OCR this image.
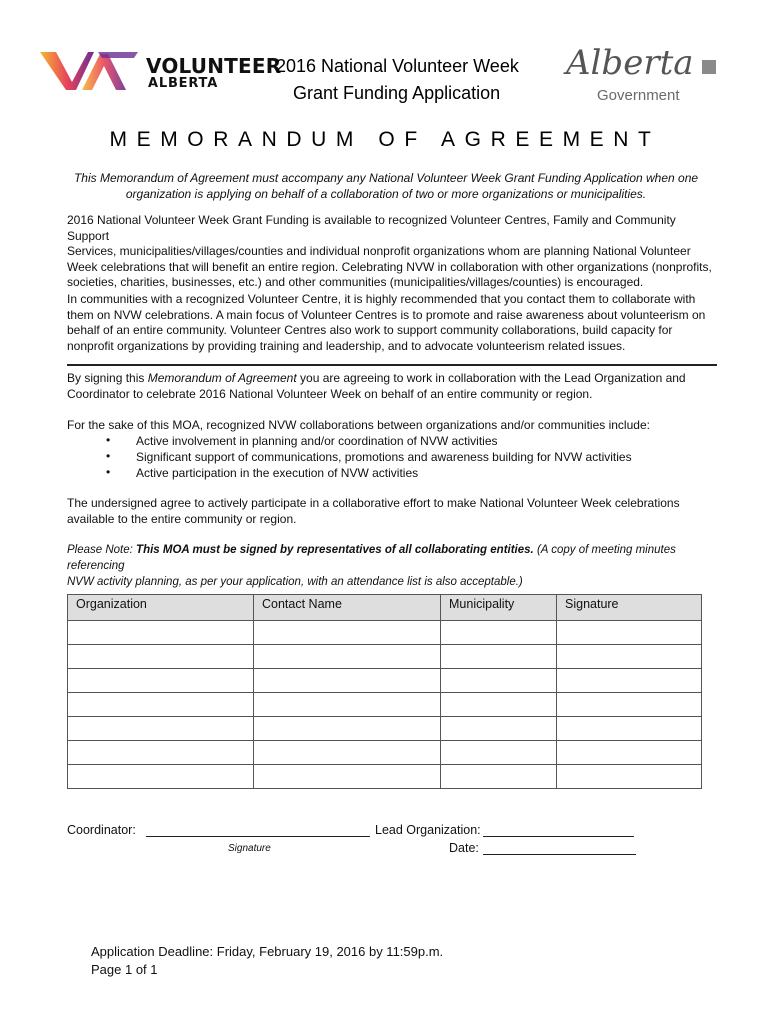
VOLUNTEER
ALBERTA
2016 National Volunteer Week
Grant Funding Application
Alberta
Government
MEMORANDUM OF AGREEMENT
This Memorandum of Agreement must accompany any National Volunteer Week Grant Funding Application when one
organization is applying on behalf of a collaboration of two or more organizations or municipalities.
2016 National Volunteer Week Grant Funding is available to recognized Volunteer Centres, Family and Community Support
Services, municipalities/villages/counties and individual nonprofit organizations whom are planning National Volunteer
Week celebrations that will benefit an entire region. Celebrating NVW in collaboration with other organizations (nonprofits,
societies, charities, businesses, etc.) and other communities (municipalities/villages/counties) is encouraged.
In communities with a recognized Volunteer Centre, it is highly recommended that you contact them to collaborate with
them on NVW celebrations. A main focus of Volunteer Centres is to promote and raise awareness about volunteerism on
behalf of an entire community. Volunteer Centres also work to support community collaborations, build capacity for
nonprofit organizations by providing training and leadership, and to advocate volunteerism related issues.
By signing this Memorandum of Agreement you are agreeing to work in collaboration with the Lead Organization and
Coordinator to celebrate 2016 National Volunteer Week on behalf of an entire community or region.
For the sake of this MOA, recognized NVW collaborations between organizations and/or communities include:
• Active involvement in planning and/or coordination of NVW activities
• Significant support of communications, promotions and awareness building for NVW activities
• Active participation in the execution of NVW activities
The undersigned agree to actively participate in a collaborative effort to make National Volunteer Week celebrations
available to the entire community or region.
Please Note: This MOA must be signed by representatives of all collaborating entities. (A copy of meeting minutes referencing
NVW activity planning, as per your application, with an attendance list is also acceptable.)
Organization	Contact Name	Municipality	Signature

Coordinator:
Signature
Lead Organization:
Date:
Application Deadline: Friday, February 19, 2016 by 11:59p.m.
Page 1 of 1
